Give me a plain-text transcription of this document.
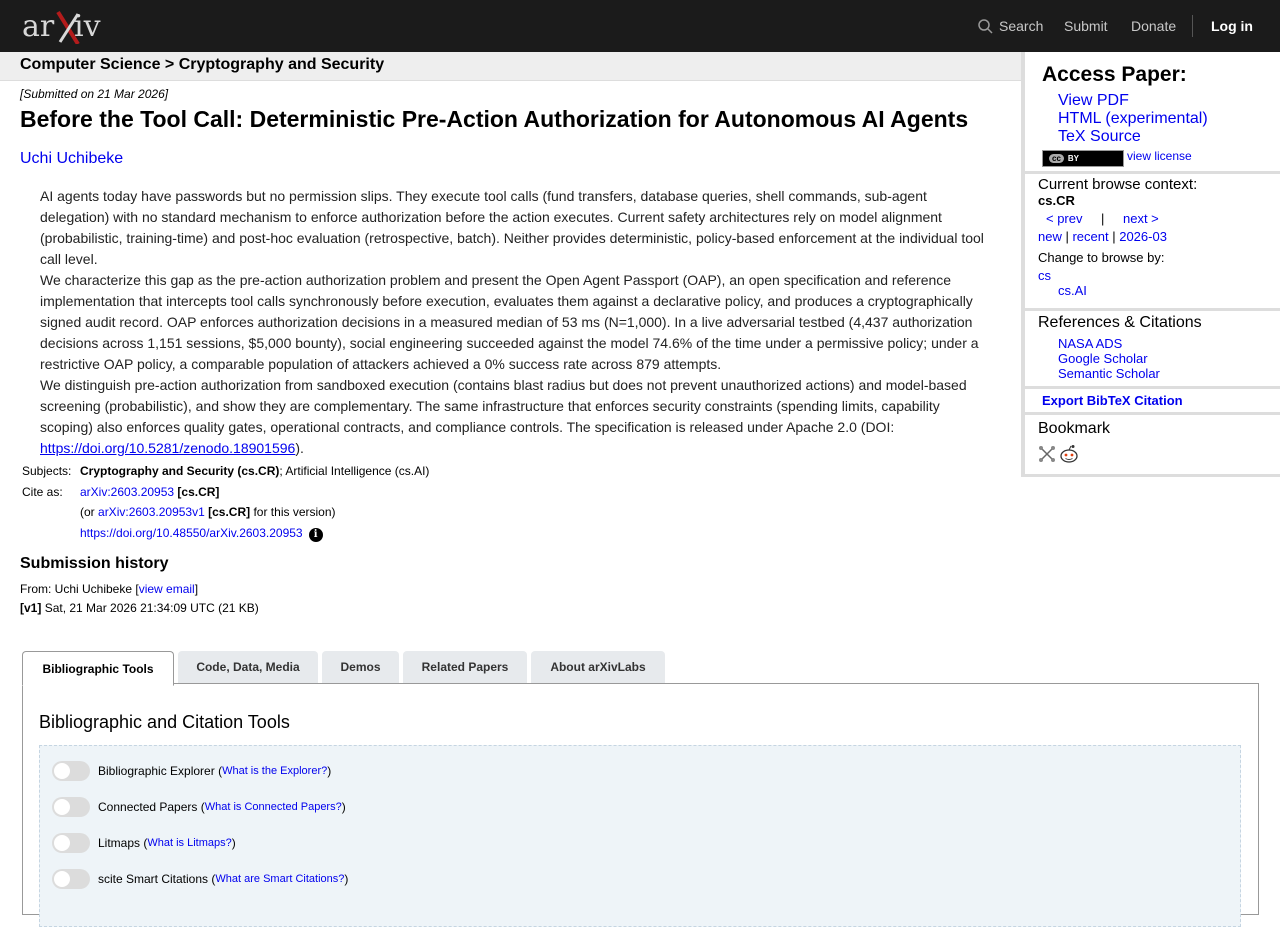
ar iv	Search Submit Donate Log in
Computer Science > Cryptography and Security
[Submitted on 21 Mar 2026]
Before the Tool Call: Deterministic Pre-Action Authorization for Autonomous AI Agents
Uchi Uchibeke

AI agents today have passwords but no permission slips. They execute tool calls (fund transfers, database queries, shell commands, sub-agent delegation) with no standard mechanism to enforce authorization before the action executes. Current safety architectures rely on model alignment (probabilistic, training-time) and post-hoc evaluation (retrospective, batch). Neither provides deterministic, policy-based enforcement at the individual tool call level.

We characterize this gap as the pre-action authorization problem and present the Open Agent Passport (OAP), an open specification and reference implementation that intercepts tool calls synchronously before execution, evaluates them against a declarative policy, and produces a cryptographically signed audit record. OAP enforces authorization decisions in a measured median of 53 ms (N=1,000). In a live adversarial testbed (4,437 authorization decisions across 1,151 sessions, $5,000 bounty), social engineering succeeded against the model 74.6% of the time under a permissive policy; under a restrictive OAP policy, a comparable population of attackers achieved a 0% success rate across 879 attempts.

We distinguish pre-action authorization from sandboxed execution (contains blast radius but does not prevent unauthorized actions) and model-based screening (probabilistic), and show they are complementary. The same infrastructure that enforces security constraints (spending limits, capability scoping) also enforces quality gates, operational contracts, and compliance controls. The specification is released under Apache 2.0 (DOI: https://doi.org/10.5281/zenodo.18901596).

Subjects:	Cryptography and Security (cs.CR); Artificial Intelligence (cs.AI)
Cite as:	arXiv:2603.20953 [cs.CR]
	(or arXiv:2603.20953v1 [cs.CR] for this version)
	https://doi.org/10.48550/arXiv.2603.20953 i
Submission history
From: Uchi Uchibeke [view email]
[v1] Sat, 21 Mar 2026 21:34:09 UTC (21 KB)
Bibliographic Tools	Code, Data, Media	Demos	Related Papers	About arXivLabs
Bibliographic and Citation Tools
Bibliographic Explorer ( What is the Explorer? )
Connected Papers ( What is Connected Papers? )
Litmaps ( What is Litmaps? )
scite Smart Citations ( What are Smart Citations? )
Access Paper:
View PDF
HTML (experimental)
TeX Source
cc BY	view license
Current browse context:
cs.CR
< prev | next >
new | recent | 2026-03
Change to browse by:
cs
cs.AI
References & Citations
NASA ADS
Google Scholar
Semantic Scholar
Export BibTeX Citation
Bookmark
